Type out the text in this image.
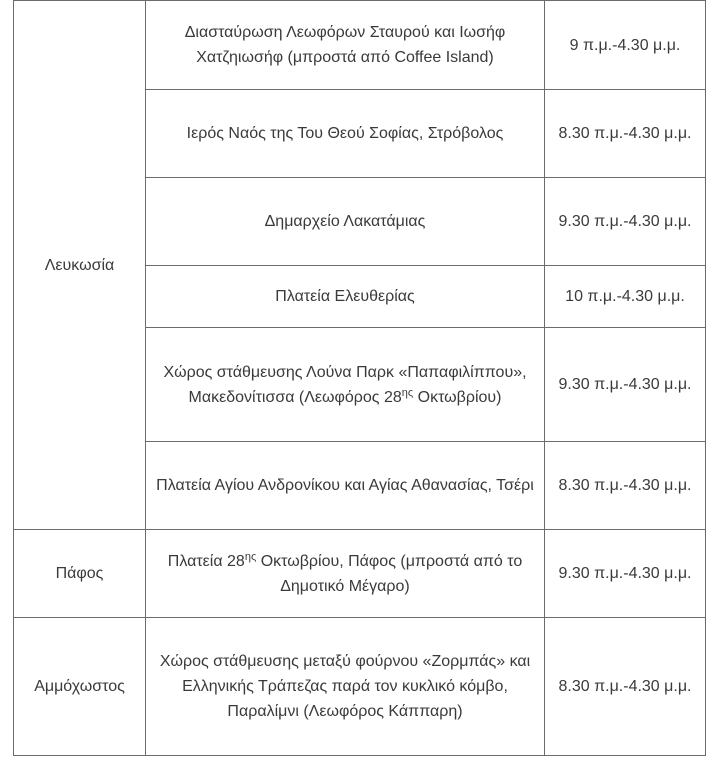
Λευκωσία	Διασταύρωση Λεωφόρων Σταυρού και Ιωσήφ Χατζηιωσήφ (μπροστά από Coffee Island)	9 π.μ.-4.30 μ.μ.
	Ιερός Ναός της Του Θεού Σοφίας, Στρόβολος	8.30 π.μ.-4.30 μ.μ.
	Δημαρχείο Λακατάμιας	9.30 π.μ.-4.30 μ.μ.
	Πλατεία Ελευθερίας	10 π.μ.-4.30 μ.μ.
	Χώρος στάθμευσης Λούνα Παρκ «Παπαφιλίππου», Μακεδονίτισσα (Λεωφόρος $28^{\eta\varsigma}$ Οκτωβρίου)	9.30 π.μ.-4.30 μ.μ.
	Πλατεία Αγίου Ανδρονίκου και Αγίας Αθανασίας, Τσέρι	8.30 π.μ.-4.30 μ.μ.
Πάφος	Πλατεία $28^{\eta\varsigma}$ Οκτωβρίου, Πάφος (μπροστά από το Δημοτικό Μέγαρο)	9.30 π.μ.-4.30 μ.μ.
Αμμόχωστος	Χώρος στάθμευσης μεταξύ φούρνου «Ζορμπάς» και Ελληνικής Τράπεζας παρά τον κυκλικό κόμβο, Παραλίμνι (Λεωφόρος Κάππαρη)	8.30 π.μ.-4.30 μ.μ.
